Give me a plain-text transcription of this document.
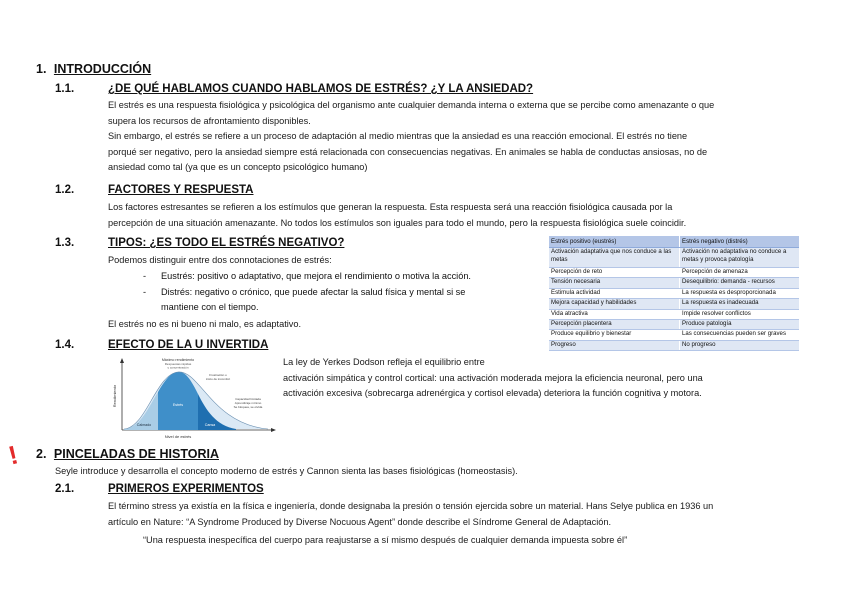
1. INTRODUCCIÓN
1.1.	¿DE QUÉ HABLAMOS CUANDO HABLAMOS DE ESTRÉS? ¿Y LA ANSIEDAD?
El estrés es una respuesta fisiológica y psicológica del organismo ante cualquier demanda interna o externa que se percibe como amenazante o que
supera los recursos de afrontamiento disponibles.
Sin embargo, el estrés se refiere a un proceso de adaptación al medio mientras que la ansiedad es una reacción emocional. El estrés no tiene
porqué ser negativo, pero la ansiedad siempre está relacionada con consecuencias negativas. En animales se habla de conductas ansiosas, no de
ansiedad como tal (ya que es un concepto psicológico humano)
1.2.	FACTORES Y RESPUESTA
Los factores estresantes se refieren a los estímulos que generan la respuesta. Esta respuesta será una reacción fisiológica causada por la
percepción de una situación amenazante. No todos los estímulos son iguales para todo el mundo, pero la respuesta fisiológica suele coincidir.
1.3.	TIPOS: ¿ES TODO EL ESTRÉS NEGATIVO?
Podemos distinguir entre dos connotaciones de estrés:
- Eustrés: positivo o adaptativo, que mejora el rendimiento o motiva la acción.
- Distrés: negativo o crónico, que puede afectar la salud física y mental si se
mantiene con el tiempo.
El estrés no es ni bueno ni malo, es adaptativo.
Estrés positivo (eustrés)	Estrés negativo (distrés)
Activación adaptativa que nos conduce a las metas	Activación no adaptativa no conduce a metas y provoca patología
Percepción de reto	Percepción de amenaza
Tensión necesaria	Desequilibrio: demanda - recursos
Estimula actividad	La respuesta es desproporcionada
Mejora capacidad y habilidades	La respuesta es inadecuada
Vida atractiva	Impide resolver conflictos
Percepción placentera	Produce patología
Produce equilibrio y bienestar	Las consecuencias pueden ser graves
Progreso	No progreso
1.4.	EFECTO DE LA U INVERTIDA
La ley de Yerkes Dodson refleja el equilibrio entre
activación simpática y control cortical: una activación moderada mejora la eficiencia neuronal, pero una
activación excesiva (sobrecarga adrenérgica y cortisol elevada) deteriora la función cognitiva y motora.
Máximo rendimiento
Respuestas rápidas
y concentración
Frustración o
inicio de incomfort
Capacidad limitada
Aprendizaje mínimo
Se bloquea, se olvida
Rendimiento
Nivel de estrés
Calmado
Estrés
Cansa
! 2. PINCELADAS DE HISTORIA
Seyle introduce y desarrolla el concepto moderno de estrés y Cannon sienta las bases fisiológicas (homeostasis).
2.1.	PRIMEROS EXPERIMENTOS
El término stress ya existía en la física e ingeniería, donde designaba la presión o tensión ejercida sobre un material. Hans Selye publica en 1936 un
artículo en Nature: “A Syndrome Produced by Diverse Nocuous Agent” donde describe el Síndrome General de Adaptación.
“Una respuesta inespecífica del cuerpo para reajustarse a sí mismo después de cualquier demanda impuesta sobre él”
